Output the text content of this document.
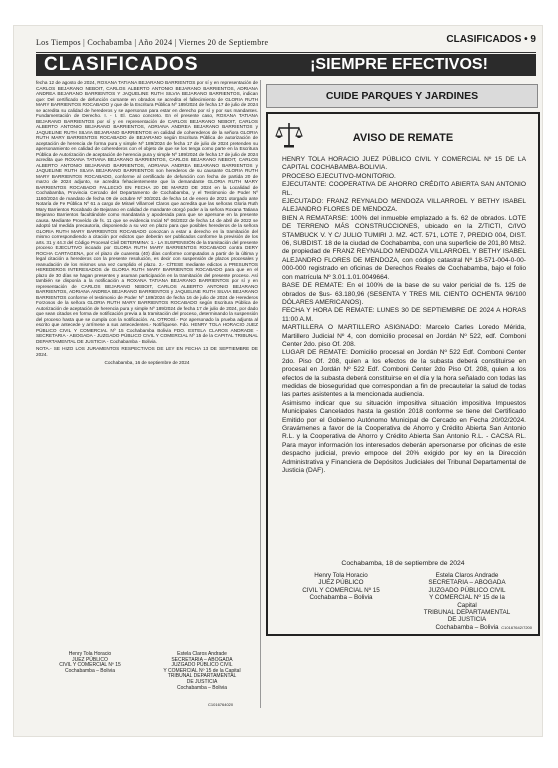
Los Tiempos | Cochabamba | Año 2024 | Viernes 20 de Septiembre	CLASIFICADOS • 9
CLASIFICADOS	¡SIEMPRE EFECTIVOS!

fecha 12 de agosto de 2024, ROXANA TATIANA BEJARANO BARRIENTOS por sí y en representación de CARLOS BEJARANO NEBOIT, CARLOS ALBERTO ANTONIO BEJARANO BARRIENTOS, ADRIANA ANDREA BEJARANO BARRIENTOS Y JAQUELINE RUTH SILVIA BEJARANO BARRIENTOS, indican que: Del certificado de defunción cursante en obrados se acredita el fallecimiento de GLORIA RUTH MARY BARRIENTOS ROCABADO y que de la Escritura Pública Nº 189/2024 de fecha 17 de julio de 2024 se acredita su calidad de herederos y se apersonan para estar en derecho por sí y por sus mandantes. Fundamentación de Derecho. I. - I. El. Caso concreto. En el presente caso, ROXANA TATIANA BEJARANO BARRIENTOS por sí y en representación de CARLOS BEJARANO NEBOIT, CARLOS ALBERTO ANTONIO BEJARANO BARRIENTOS, ADRIANA ANDREA BEJARANO BARRIENTOS y JAQUELINE RUTH SILVIA BEJARANO BARRIENTOS en calidad de coherederos de la señora GLORIA RUTH MARY BARRIENTOS ROCABADO de BEJARANO según Escritura Pública de autorización de aceptación de herencia de forma pura y simple Nº 189/2024 de fecha 17 de julio de 2024 pretenden su apersonamiento en calidad de coherederos con el objeto de que se los tenga como parte en la Escritura Pública de Autorización de aceptación de herencia pura y simple Nº 189/2024 de fecha 17 de julio de 2024 acredita que ROXANA TATIANA BEJARANO BARRIENTOS, CARLOS BEJARANO NEBOIT, CARLOS ALBERTO ANTONIO BEJARANO BARRIENTOS, ADRIANA ANDREA BEJARANO BARRIENTOS y JAQUELINE RUTH SILVIA BEJARANO BARRIENTOS son herederos de su causante GLORIA RUTH MARY BARRIENTOS ROCABADO, conforme al certificado de defunción con fecha de partida 20 de marzo de 2024 adjunto, se acredita fehacientemente que la demandante GLORIA RUTH MARY BARRIENTOS ROCABADO FALLECIÓ EN FECHA 20 DE MARZO DE 2024 en la Localidad de Cochabamba, Provincia Cercado del Departamento de Cochabamba, y el Testimonio de Poder Nº 1160/2024 de mandato de fecha 09 de octubre Nº 30/2021 de fecha 14 de enero de 2021 otorgado ante Notaría de Fe Pública Nº 61 a cargo de Mirael Villarroel Claros que acredita que las señoras Gloria Ruth Mary Barrientos Rocabado de Bejarano en calidad de mandante otorgó poder a la señora Roxana Tatiana Bejarano Barrientos facultándole como mandataria y apoderada para que se apersone en la presente causa. Mediante Proveído de fs. 11 que se evidencia Incial Nº 06/2022 de fecha 14 de abril de 2022 se adoptó tal medida precautoria, disponiendo a su vez en plazo para que posibles herederos de la señora GLORIA RUTH MARY BARRIENTOS ROCABADO conozcan a estar a derecho en la tramitación del mismo correspondiendo a citación por edictos que deberán ser publicados conforme la previsión de los arts. 31 y 44.3 del Código Procesal Civil DETERMINA: 1.- LA SUSPENSIÓN de la tramitación del presente proceso EJECUTIVO incoado por GLORIA RUTH MARY BARRIENTOS ROCABADO contra DERY ROCHA CARTAGENA, por el plazo de cuarenta (40) días conforme computados a partir de la última y legal citación a herederos con la presente resolución, es decir con suspensión de plazos procesales y reanudación de los mismos una vez cumplido el plazo. 2.- CÍTESE mediante edictos a PRESUNTOS HEREDEROS INTERESADOS de GLORIA RUTH MARY BARRIENTOS ROCABADO para que en el plazo de 30 días se hagan presentes y asuman participación en la tramitación del presente proceso. Así también se disponía a la notificación a ROXANA TATIANA BEJARANO BARRIENTOS por sí y en representación de CARLOS BEJARANO NEBOIT, CARLOS ALBERTO ANTONIO BEJARANO BARRIENTOS, ADRIANA ANDREA BEJARANO BARRIENTOS y JAQUELINE RUTH SILVIA BEJARANO BARRIENTOS conforme el testimonio de Poder Nº 189/2024 de fecha 16 de julio de 2024 de Herederos Forzosos de la señora GLORIA RUTH MARY BARRIENTOS ROCABADO según Escritura Pública de Autorización de aceptación de herencia pura y simple Nº 189/2024 de fecha 17 de julio de 2024, por dado que sean citados en forma de notificación previa a la tramitación del proceso, determinando la suspensión del proceso hasta que se cumpla con la notificación. AL OTROSÍ.- Por apersonado la prueba adjunta al escrito que antecede y arrímese a sus antecedentes.- Notifíquese. Fdo. HENRY TOLA HORACIO JUEZ PÚBLICO CIVIL Y COMERCIAL Nº 15 Cochabamba Bolivia FDO. ESTELA CLAROS ANDRADE - SECRETARIA - ABOGADA - JUZGADO PÚBLICO CIVIL Y COMERCIAL Nº 15 de la CAPITAL TRIBUNAL DEPARTAMENTAL DE JUSTICIA - Cochabamba - Bolivia.

NOTA.- SE HIZO LOS JURAMENTOS RESPECTIVOS DE LEY EN FECHA 13 DE SEPTIEMBRE DE 2024.

Cochabamba, 16 de septiembre de 2024

Henry Tola Horacio
JUEZ PÚBLICO
CIVIL Y COMERCIAL Nº 15
Cochabamba – Bolivia
Estela Claros Andrade
SECRETARIA – ABOGADA
JUZGADO PÚBLICO CIVIL
Y COMERCIAL Nº 15 de la Capital
TRIBUNAL DEPARTAMENTAL
DE JUSTICIA
Cochabamba – Bolivia
C1016764020
CUIDE PARQUES Y JARDINES
AVISO DE REMATE

HENRY TOLA HORACIO JUEZ PÚBLICO CIVIL Y COMERCIAL Nº 15 DE LA CAPITAL COCHABAMBA-BOLIVIA.

PROCESO EJECUTIVO-MONITORIO.

EJECUTANTE: COOPERATIVA DE AHORRO CRÉDITO ABIERTA SAN ANTONIO RL.

EJECUTADO: FRANZ REYNALDO MENDOZA VILLARROEL Y BETHY ISABEL ALEJANDRO FLORES DE MENDOZA.

BIEN A REMATARSE: 100% del inmueble emplazado a fs. 62 de obrados. LOTE DE TERRENO MÁS CONSTRUCCIONES, ubicado en la Z/TICTI, C/IVO STAMBUCK V. Y C/ JULIO TUMIRI J. MZ. 4CT. 571, LOTE 7, PREDIO 004, DIST. 06, SUBDIST. 18 de la ciudad de Cochabamba, con una superficie de 201,80 Mts2. de propiedad de FRANZ REYNALDO MENDOZA VILLARROEL Y BETHY ISABEL ALEJANDRO FLORES DE MENDOZA, con código catastral Nº 18-571-004-0-00-000-000 registrado en oficinas de Derechos Reales de Cochabamba, bajo el folio con matrícula Nº 3.01.1.01.0049664.

BASE DE REMATE: En el 100% de la base de su valor pericial de fs. 125 de obrados de $us- 63.180,96 (SESENTA Y TRES MIL CIENTO OCHENTA 96/100 DÓLARES AMERICANOS).

FECHA Y HORA DE REMATE: LUNES 30 DE SEPTIEMBRE DE 2024 A HORAS 11:00 A.M.

MARTILLERA O MARTILLERO ASIGNADO: Marcelo Carles Loredo Mérida, Martillero Judicial Nº 4, con domicilio procesal en Jordán Nº 522, edf. Comboni Center 2do. piso Of. 208.

LUGAR DE REMATE: Domicilio procesal en Jordán Nº 522 Edf. Comboni Center 2do. Piso Of. 208, quien a los efectos de la subasta deberá constituirse en procesal en Jordán Nº 522 Edf. Comboni Center 2do Piso Of. 208, quien a los efectos de la subasta deberá constituirse en el día y la hora señalado con todas las medidas de bioseguridad que correspondan a fin de precautelar la salud de todas las partes asistentes a la mencionada audiencia.

Asimismo indicar que su situación impositiva situación impositiva Impuestos Municipales Cancelados hasta la gestión 2018 conforme se tiene del Certificado Emitido por el Gobierno Autónomo Municipal de Cercado en Fecha 20/02/2024. Gravámenes a favor de la Cooperativa de Ahorro y Crédito Abierta San Antonio R.L. y la Cooperativa de Ahorro y Crédito Abierta San Antonio R.L. - CACSA RL. Para mayor información los interesados deberán apersonarse por oficinas de este despacho judicial, previo empoce del 20% exigido por ley en la Dirección Administrativa y Financiera de Depósitos Judiciales del Tribunal Departamental de Justicia (DAF).

Cochabamba, 18 de septiembre de 2024
Henry Tola Horacio
JUEZ PÚBLICO
CIVIL Y COMERCIAL Nº 15
Cochabamba – Bolivia
Estela Claros Andrade
SECRETARIA – ABOGADA
JUZGADO PÚBLICO CIVIL
Y COMERCIAL Nº 15 de la
Capital
TRIBUNAL DEPARTAMENTAL
DE JUSTICIA
Cochabamba – Bolivia C10167642/7200
